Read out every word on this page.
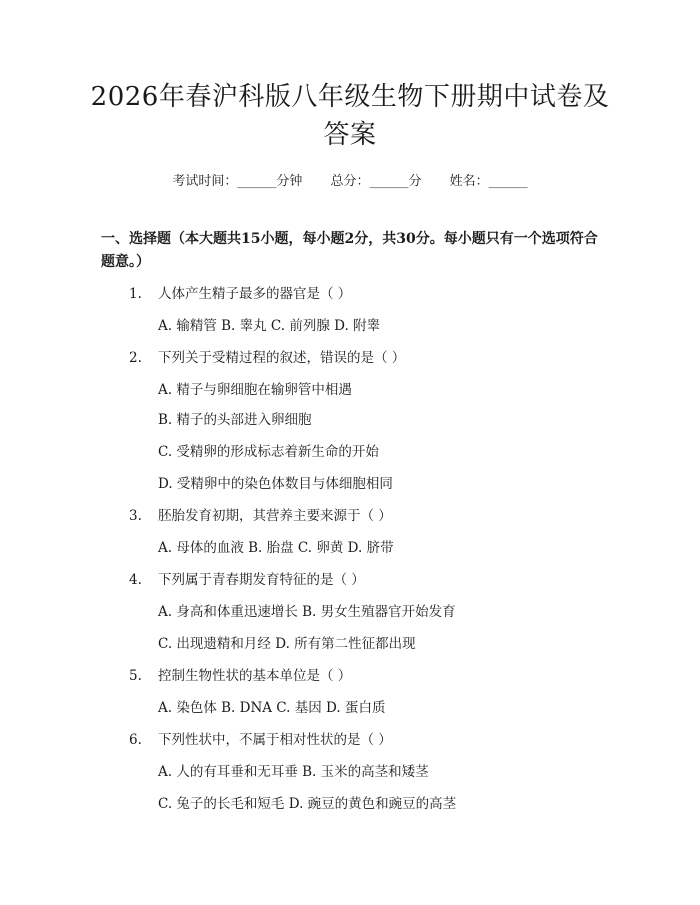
2026年春沪科版八年级生物下册期中试卷及答案
考试时间：______分钟 总分：______分 姓名：______
一、选择题（本大题共15小题，每小题2分，共30分。每小题只有一个选项符合题意。）
1. 人体产生精子最多的器官是（ ）
A. 输精管 B. 睾丸 C. 前列腺 D. 附睾
2. 下列关于受精过程的叙述，错误的是（ ）
A. 精子与卵细胞在输卵管中相遇
B. 精子的头部进入卵细胞
C. 受精卵的形成标志着新生命的开始
D. 受精卵中的染色体数目与体细胞相同
3. 胚胎发育初期，其营养主要来源于（ ）
A. 母体的血液 B. 胎盘 C. 卵黄 D. 脐带
4. 下列属于青春期发育特征的是（ ）
A. 身高和体重迅速增长 B. 男女生殖器官开始发育
C. 出现遗精和月经 D. 所有第二性征都出现
5. 控制生物性状的基本单位是（ ）
A. 染色体 B. DNA C. 基因 D. 蛋白质
6. 下列性状中，不属于相对性状的是（ ）
A. 人的有耳垂和无耳垂 B. 玉米的高茎和矮茎
C. 兔子的长毛和短毛 D. 豌豆的黄色和豌豆的高茎
